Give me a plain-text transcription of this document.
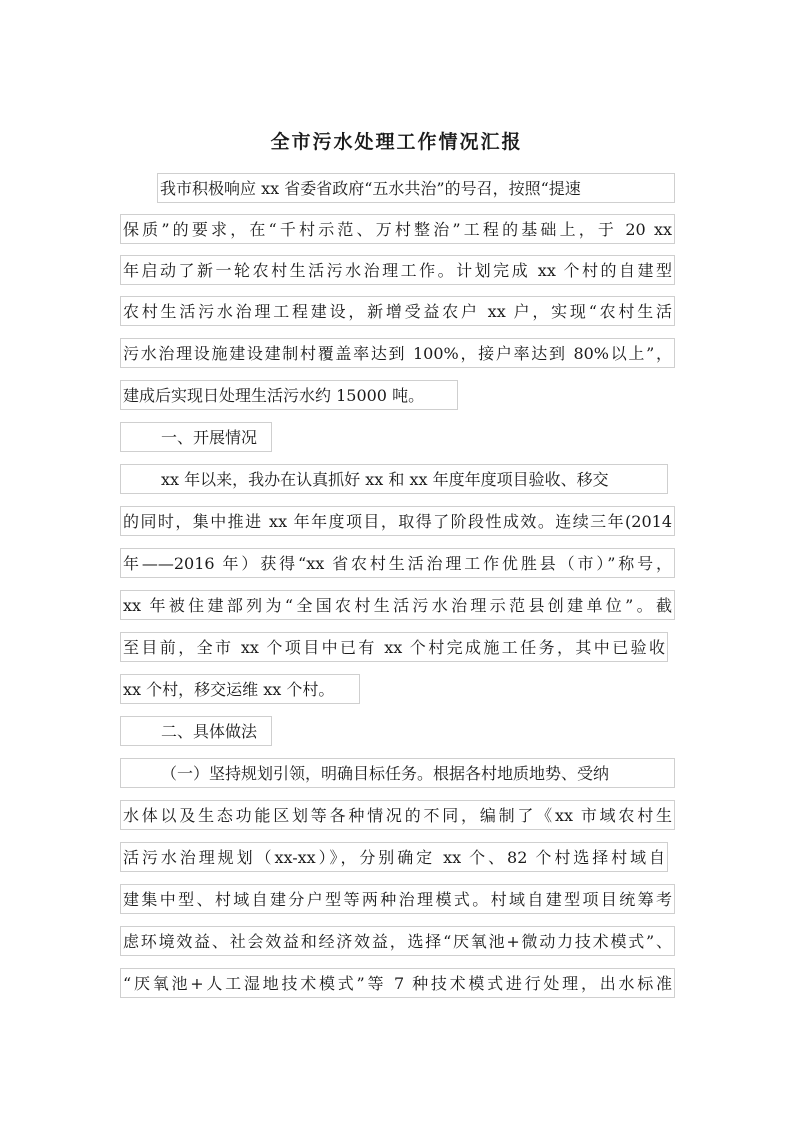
全市污水处理工作情况汇报
我市积极响应 xx 省委省政府“五水共治”的号召，按照“提速
保质”的要求，在“千村示范、万村整治”工程的基础上，于 20 xx
年启动了新一轮农村生活污水治理工作。计划完成 xx 个村的自建型
农村生活污水治理工程建设，新增受益农户 xx 户，实现“农村生活
污水治理设施建设建制村覆盖率达到 100%，接户率达到 80%以上”，
建成后实现日处理生活污水约 15000 吨。
一、开展情况
xx 年以来，我办在认真抓好 xx 和 xx 年度年度项目验收、移交
的同时，集中推进 xx 年年度项目，取得了阶段性成效。连续三年(2014
年——2016 年）获得“xx 省农村生活治理工作优胜县（市）”称号，
xx 年被住建部列为“全国农村生活污水治理示范县创建单位”。截
至目前，全市 xx 个项目中已有 xx 个村完成施工任务，其中已验收
xx 个村，移交运维 xx 个村。
二、具体做法
（一）坚持规划引领，明确目标任务。根据各村地质地势、受纳
水体以及生态功能区划等各种情况的不同，编制了《xx 市域农村生
活污水治理规划（xx-xx）》，分别确定 xx 个、82 个村选择村域自
建集中型、村域自建分户型等两种治理模式。村域自建型项目统筹考
虑环境效益、社会效益和经济效益，选择“厌氧池+微动力技术模式”、
“厌氧池+人工湿地技术模式”等 7 种技术模式进行处理，出水标准
